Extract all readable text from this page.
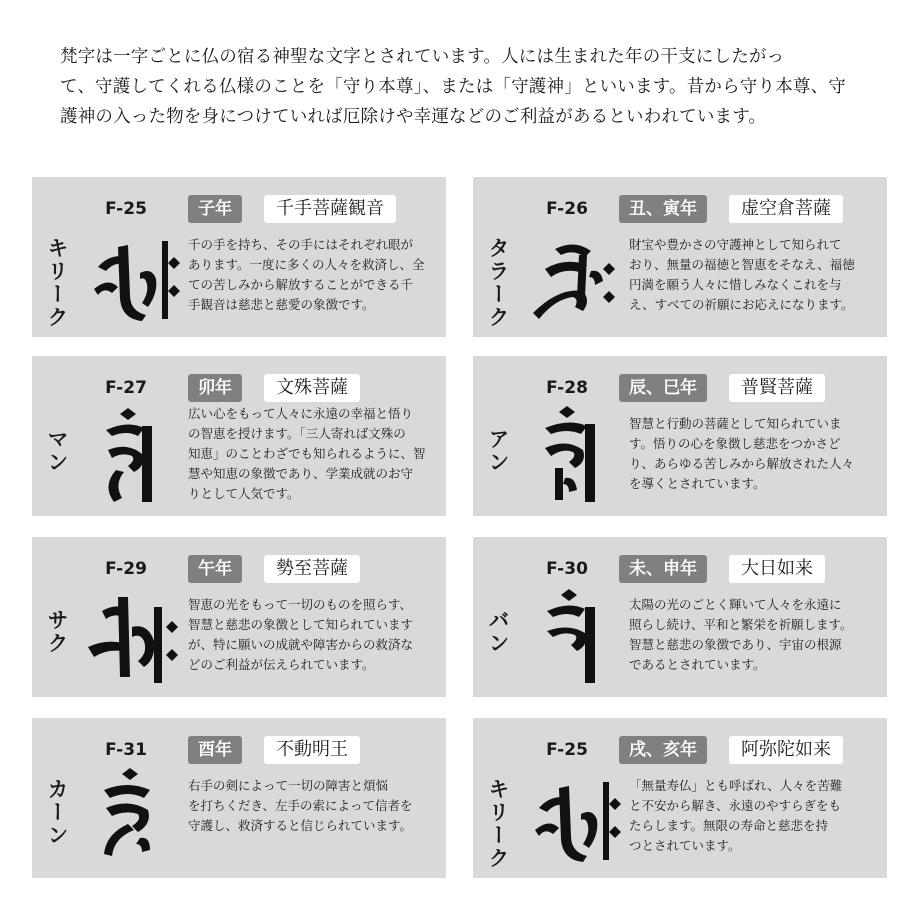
梵字は一字ごとに仏の宿る神聖な文字とされています。人には生まれた年の干支にしたがっ

て、守護してくれる仏様のことを「守り本尊」、または「守護神」といいます。昔から守り本尊、守

護神の入った物を身につけていれば厄除けや幸運などのご利益があるといわれています。

F-25
キリーク
子年	千手菩薩観音
千の手を持ち、その手にはそれぞれ眼が
あります。一度に多くの人々を救済し、全
ての苦しみから解放することができる千
手観音は慈悲と慈愛の象徴です。
F-26
タラーク
丑、寅年	虚空倉菩薩
財宝や豊かさの守護神として知られて
おり、無量の福徳と智恵をそなえ、福徳
円満を願う人々に惜しみなくこれを与
え、すべての祈願にお応えになります。
F-27
マン
卯年	文殊菩薩
広い心をもって人々に永遠の幸福と悟り
の智恵を授けます。「三人寄れば文殊の
知恵」のことわざでも知られるように、智
慧や知恵の象徴であり、学業成就のお守
りとして人気です。
F-28
アン
辰、巳年	普賢菩薩
智慧と行動の菩薩として知られていま
す。悟りの心を象徴し慈悲をつかさど
り、あらゆる苦しみから解放された人々
を導くとされています。
F-29
サク
午年	勢至菩薩
智恵の光をもって一切のものを照らす、
智慧と慈悲の象徴として知られています
が、特に願いの成就や障害からの救済な
どのご利益が伝えられています。
F-30
バン
未、申年	大日如来
太陽の光のごとく輝いて人々を永遠に
照らし続け、平和と繁栄を祈願します。
智慧と慈悲の象徴であり、宇宙の根源
であるとされています。
F-31
カーン
酉年	不動明王
右手の剣によって一切の障害と煩悩
を打ちくだき、左手の索によって信者を
守護し、救済すると信じられています。
F-25
キリーク
戌、亥年	阿弥陀如来
「無量寿仏」とも呼ばれ、人々を苦難
と不安から解き、永遠のやすらぎをも
たらします。無限の寿命と慈悲を持
つとされています。
